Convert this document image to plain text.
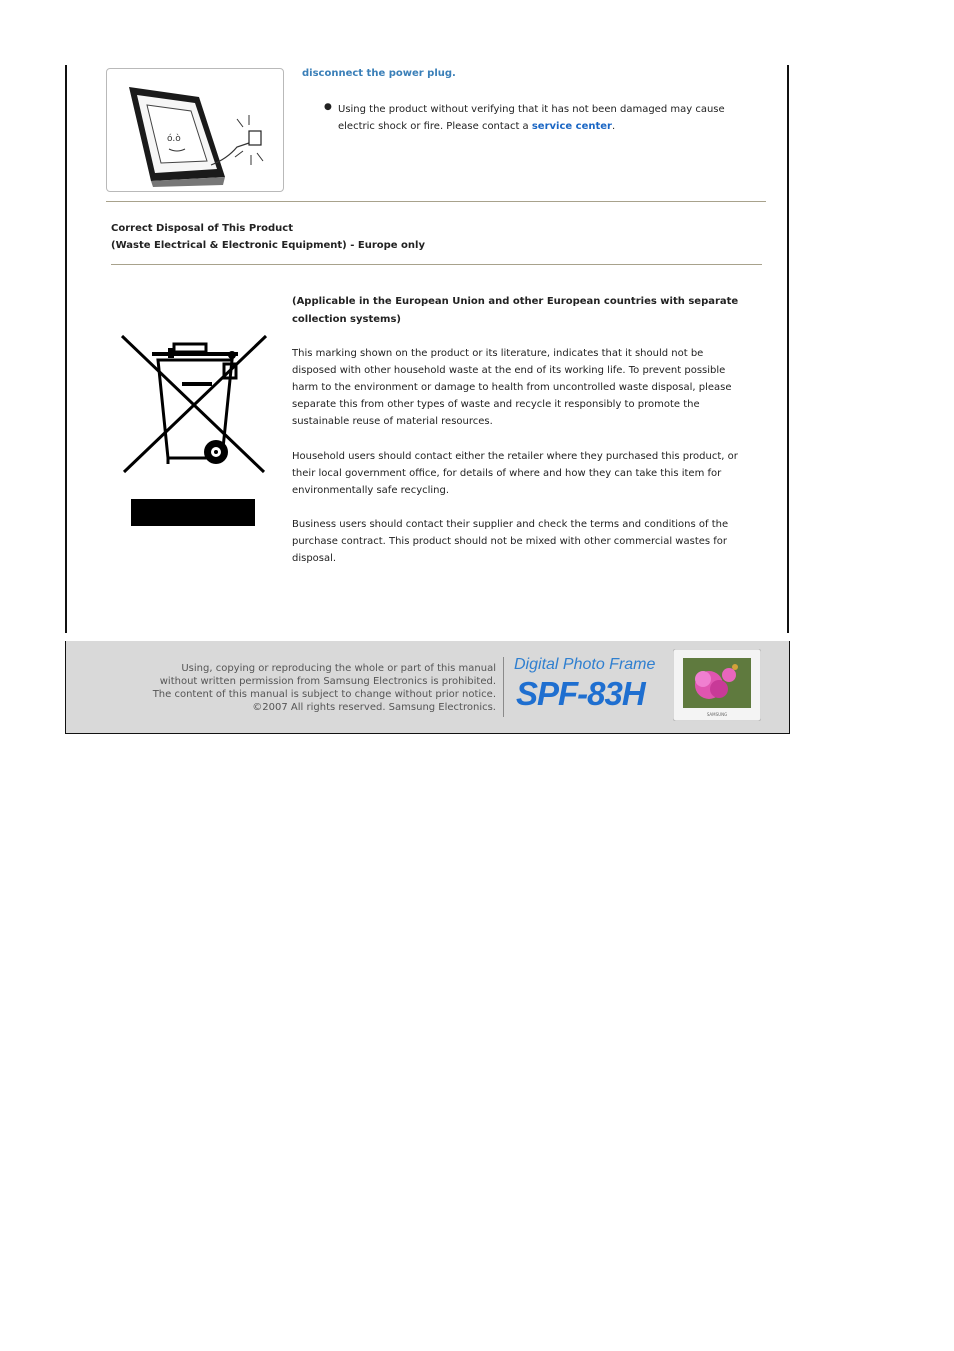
ó.ò
disconnect the power plug.
● Using the product without verifying that it has not been damaged may cause electric shock or fire. Please contact a service center.
Correct Disposal of This Product
(Waste Electrical & Electronic Equipment) - Europe only
(Applicable in the European Union and other European countries with separate collection systems)
This marking shown on the product or its literature, indicates that it should not be disposed with other household waste at the end of its working life. To prevent possible harm to the environment or damage to health from uncontrolled waste disposal, please separate this from other types of waste and recycle it responsibly to promote the sustainable reuse of material resources.
Household users should contact either the retailer where they purchased this product, or their local government office, for details of where and how they can take this item for environmentally safe recycling.
Business users should contact their supplier and check the terms and conditions of the purchase contract. This product should not be mixed with other commercial wastes for disposal.
Using, copying or reproducing the whole or part of this manual
without written permission from Samsung Electronics is prohibited.
The content of this manual is subject to change without prior notice.
©2007 All rights reserved. Samsung Electronics.
Digital Photo Frame
SPF-83H
SAMSUNG
